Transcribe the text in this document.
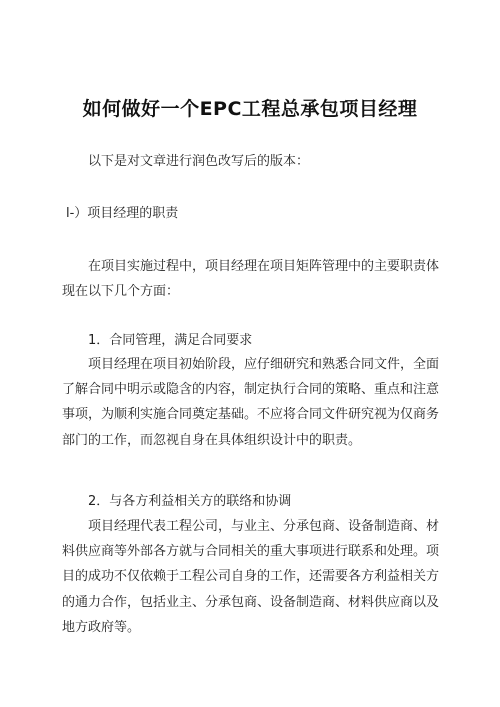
如何做好一个EPC工程总承包项目经理
以下是对文章进行润色改写后的版本：
l-）项目经理的职责
在项目实施过程中，项目经理在项目矩阵管理中的主要职责体现在以下几个方面：
1．合同管理，满足合同要求
项目经理在项目初始阶段，应仔细研究和熟悉合同文件，全面了解合同中明示或隐含的内容，制定执行合同的策略、重点和注意事项，为顺利实施合同奠定基础。不应将合同文件研究视为仅商务部门的工作，而忽视自身在具体组织设计中的职责。
2．与各方利益相关方的联络和协调
项目经理代表工程公司，与业主、分承包商、设备制造商、材料供应商等外部各方就与合同相关的重大事项进行联系和处理。项目的成功不仅依赖于工程公司自身的工作，还需要各方利益相关方的通力合作，包括业主、分承包商、设备制造商、材料供应商以及地方政府等。
